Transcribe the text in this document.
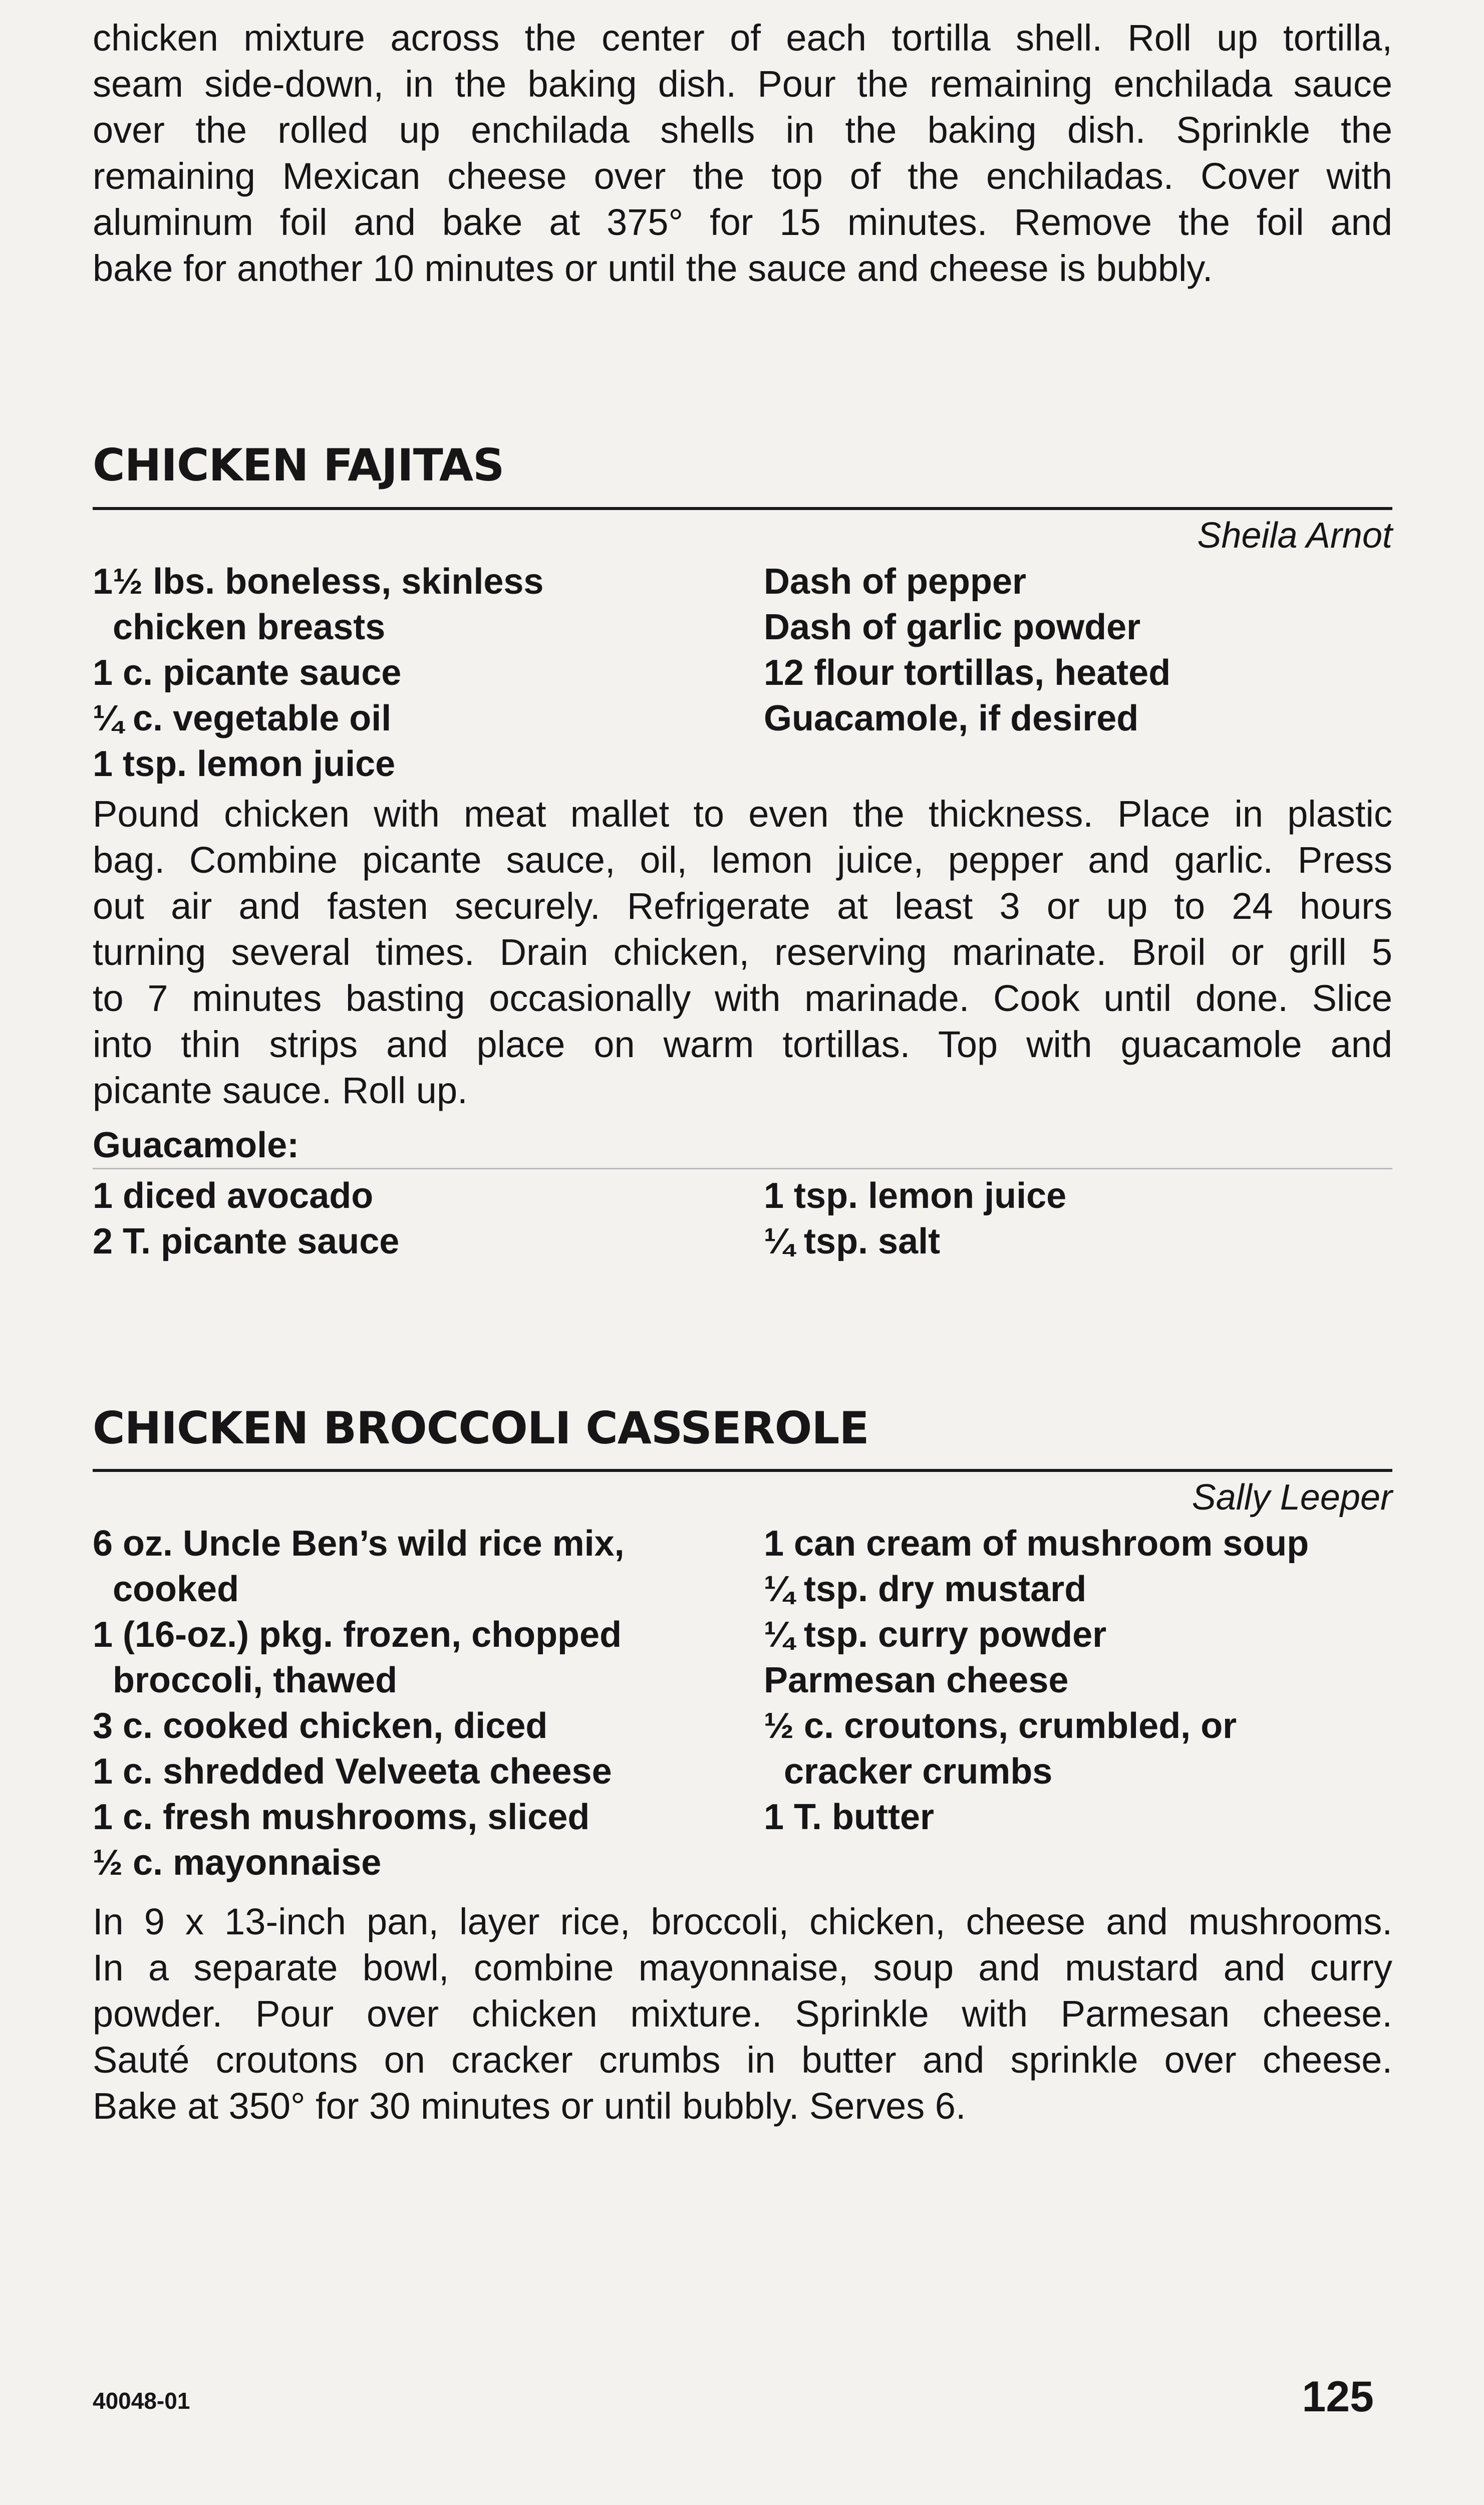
chicken mixture across the center of each tortilla shell. Roll up tortilla,
seam side-down, in the baking dish. Pour the remaining enchilada sauce
over the rolled up enchilada shells in the baking dish. Sprinkle the
remaining Mexican cheese over the top of the enchiladas. Cover with
aluminum foil and bake at 375° for 15 minutes. Remove the foil and
bake for another 10 minutes or until the sauce and cheese is bubbly.
CHICKEN FAJITAS
Sheila Arnot
1½ lbs. boneless, skinless
chicken breasts
1 c. picante sauce
¼ c. vegetable oil
1 tsp. lemon juice
Dash of pepper
Dash of garlic powder
12 flour tortillas, heated
Guacamole, if desired
Pound chicken with meat mallet to even the thickness. Place in plastic
bag. Combine picante sauce, oil, lemon juice, pepper and garlic. Press
out air and fasten securely. Refrigerate at least 3 or up to 24 hours
turning several times. Drain chicken, reserving marinate. Broil or grill 5
to 7 minutes basting occasionally with marinade. Cook until done. Slice
into thin strips and place on warm tortillas. Top with guacamole and
picante sauce. Roll up.
Guacamole:
1 diced avocado
2 T. picante sauce
1 tsp. lemon juice
¼ tsp. salt
CHICKEN BROCCOLI CASSEROLE
Sally Leeper
6 oz. Uncle Ben’s wild rice mix,
cooked
1 (16-oz.) pkg. frozen, chopped
broccoli, thawed
3 c. cooked chicken, diced
1 c. shredded Velveeta cheese
1 c. fresh mushrooms, sliced
½ c. mayonnaise
1 can cream of mushroom soup
¼ tsp. dry mustard
¼ tsp. curry powder
Parmesan cheese
½ c. croutons, crumbled, or
cracker crumbs
1 T. butter
In 9 x 13-inch pan, layer rice, broccoli, chicken, cheese and mushrooms.
In a separate bowl, combine mayonnaise, soup and mustard and curry
powder. Pour over chicken mixture. Sprinkle with Parmesan cheese.
Sauté croutons on cracker crumbs in butter and sprinkle over cheese.
Bake at 350° for 30 minutes or until bubbly. Serves 6.
40048-01	125
